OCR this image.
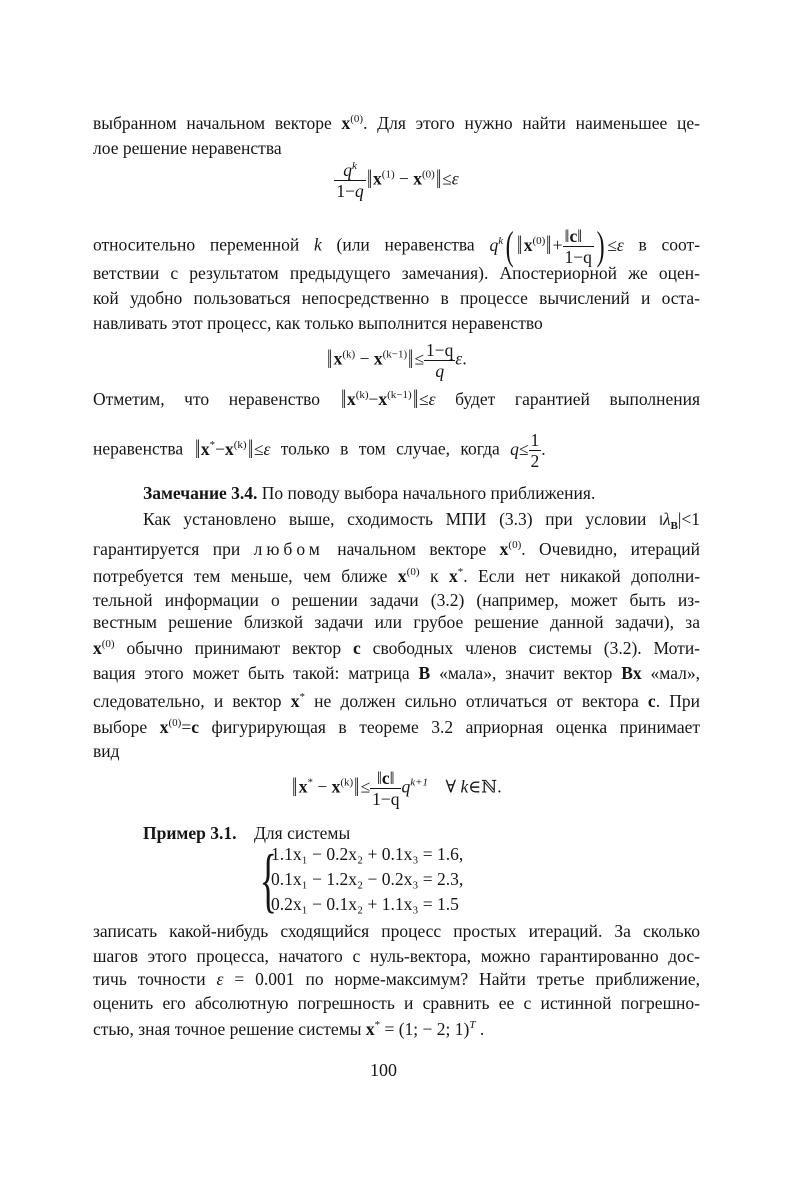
выбранном начальном векторе $x^{(0)}$. Для этого нужно найти наименьшее це-
лое решение неравенства
$\frac{q^k}{1-q}$ $‖x^{(1)}$ − $x^{(0)}‖\le\varepsilon$
относительно переменной k (или неравенства $q^k$( $‖x^{(0)}‖+ \frac{‖c‖}{1-q}$ ) ≤ε в соот-
ветствии с результатом предыдущего замечания). Апостериорной же оцен-
кой удобно пользоваться непосредственно в процессе вычислений и оста-
навливать этот процесс, как только выполнится неравенство
$‖x^{(k)}$ − $x^{(k-1)}‖\le \frac{1-q}{q} \varepsilon$.
Отметим, что неравенство $‖x^{(k)}-x^{(k-1)}‖\le\varepsilon$ будет гарантией выполнения
неравенства $‖x^*-x^{(k)}‖\le\varepsilon$ только в том случае, когда $q\le \frac{1}{2}$ .
Замечание 3.4. По поводу выбора начального приближения.
Как установлено выше, сходимость МПИ (3.3) при условии $‖\lambda_B|<1$
гарантируется при любом начальном векторе $x^{(0)}$. Очевидно, итераций
потребуется тем меньше, чем ближе $x^{(0)}$ к x*. Если нет никакой дополни-
тельной информации о решении задачи (3.2) (например, может быть из-
вестным решение близкой задачи или грубое решение данной задачи), за
$x^{(0)}$ обычно принимают вектор c свободных членов системы (3.2). Моти-
вация этого может быть такой: матрица B «мала», значит вектор Bx «мал»,
следовательно, и вектор x* не должен сильно отличаться от вектора c. При
выборе $x^{(0)}=c$ фигурирующая в теореме 3.2 априорная оценка принимает
вид
‖x* − $x^{(k)}‖\le \frac{‖c‖}{1-q} q^{k+1}$ ∀ k∈ℕ.
Пример 3.1. Для системы
{
1.1x₁ − 0.2x₂ + 0.1x₃ = 1.6,
0.1x₁ − 1.2x₂ − 0.2x₃ = 2.3,
0.2x₁ − 0.1x₂ + 1.1x₃ = 1.5
записать какой-нибудь сходящийся процесс простых итераций. За сколько
шагов этого процесса, начатого с нуль-вектора, можно гарантированно дос-
тичь точности ε = 0.001 по норме-максимум? Найти третье приближение,
оценить его абсолютную погрешность и сравнить ее с истинной погрешно-
стью, зная точное решение системы x* = (1; − 2; 1)$^T$ .
100
